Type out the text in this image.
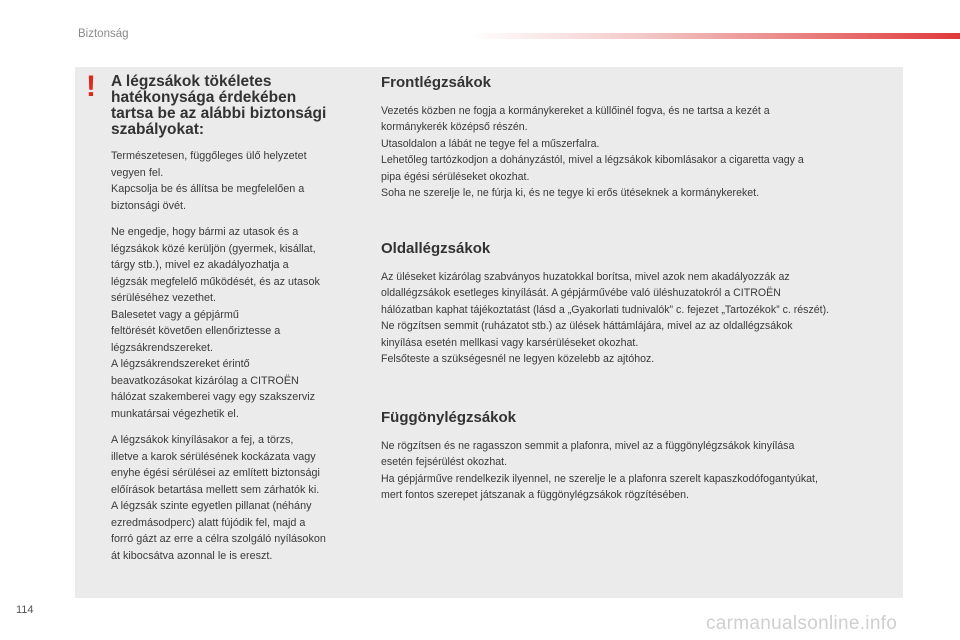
Biztonság
! A légzsákok tökéletes
hatékonysága érdekében
tartsa be az alábbi biztonsági
szabályokat:
Természetesen, függőleges ülő helyzetet
vegyen fel.
Kapcsolja be és állítsa be megfelelően a
biztonsági övét.
Ne engedje, hogy bármi az utasok és a
légzsákok közé kerüljön (gyermek, kisállat,
tárgy stb.), mivel ez akadályozhatja a
légzsák megfelelő működését, és az utasok
sérüléséhez vezethet.
Balesetet vagy a gépjármű
feltörését követően ellenőriztesse a
légzsákrendszereket.
A légzsákrendszereket érintő
beavatkozásokat kizárólag a CITROËN
hálózat szakemberei vagy egy szakszerviz
munkatársai végezhetik el.
A légzsákok kinyílásakor a fej, a törzs,
illetve a karok sérülésének kockázata vagy
enyhe égési sérülései az említett biztonsági
előírások betartása mellett sem zárhatók ki.
A légzsák szinte egyetlen pillanat (néhány
ezredmásodperc) alatt fújódik fel, majd a
forró gázt az erre a célra szolgáló nyílásokon
át kibocsátva azonnal le is ereszt.
Frontlégzsákok
Vezetés közben ne fogja a kormánykereket a küllőinél fogva, és ne tartsa a kezét a
kormánykerék középső részén.
Utasoldalon a lábát ne tegye fel a műszerfalra.
Lehetőleg tartózkodjon a dohányzástól, mivel a légzsákok kibomlásakor a cigaretta vagy a
pipa égési sérüléseket okozhat.
Soha ne szerelje le, ne fúrja ki, és ne tegye ki erős ütéseknek a kormánykereket.
Oldallégzsákok
Az üléseket kizárólag szabványos huzatokkal borítsa, mivel azok nem akadályozzák az
oldallégzsákok esetleges kinyílását. A gépjárművébe való üléshuzatokról a CITROËN
hálózatban kaphat tájékoztatást (lásd a „Gyakorlati tudnivalók” c. fejezet „Tartozékok” c. részét).
Ne rögzítsen semmit (ruházatot stb.) az ülések háttámlájára, mivel az az oldallégzsákok
kinyílása esetén mellkasi vagy karsérüléseket okozhat.
Felsőteste a szükségesnél ne legyen közelebb az ajtóhoz.
Függönylégzsákok
Ne rögzítsen és ne ragasszon semmit a plafonra, mivel az a függönylégzsákok kinyílása
esetén fejsérülést okozhat.
Ha gépjárműve rendelkezik ilyennel, ne szerelje le a plafonra szerelt kapaszkodófogantyúkat,
mert fontos szerepet játszanak a függönylégzsákok rögzítésében.
114
carmanualsonline.info
